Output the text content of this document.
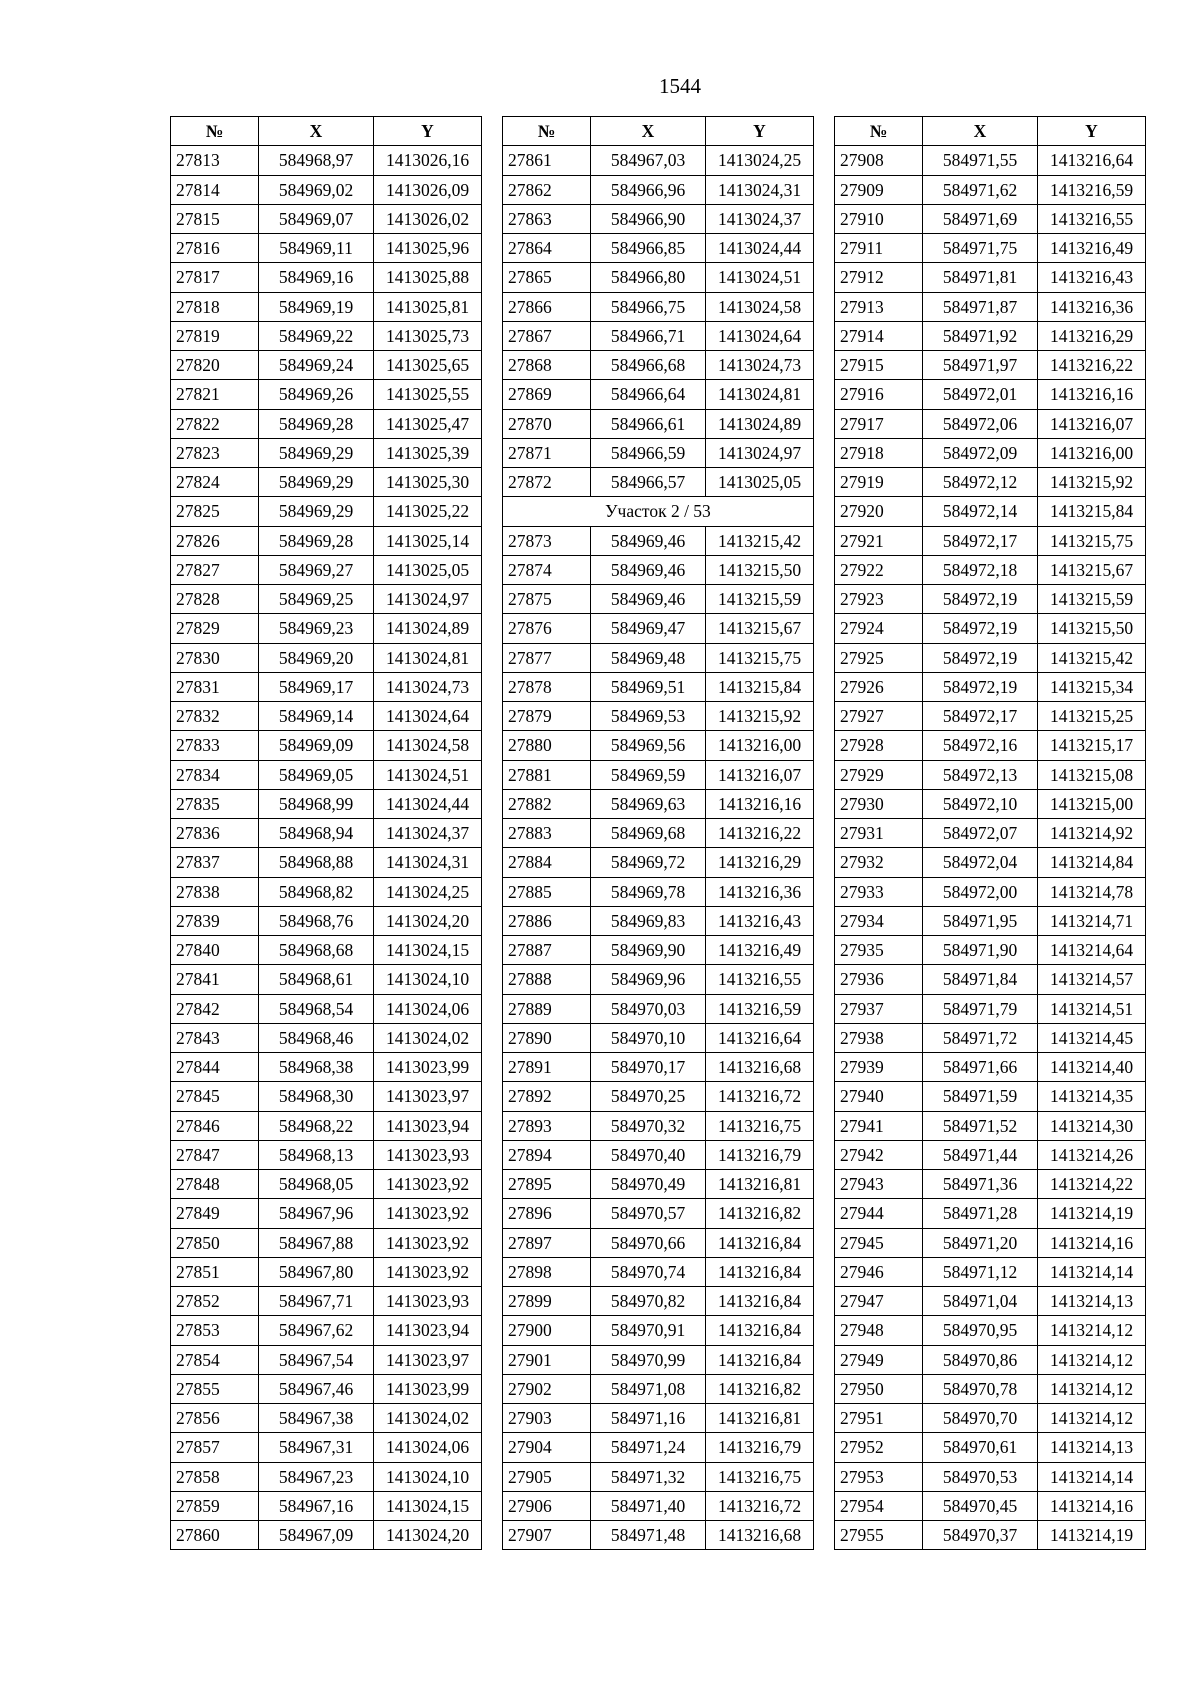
1544
№	X	Y
27813	584968,97	1413026,16
27814	584969,02	1413026,09
27815	584969,07	1413026,02
27816	584969,11	1413025,96
27817	584969,16	1413025,88
27818	584969,19	1413025,81
27819	584969,22	1413025,73
27820	584969,24	1413025,65
27821	584969,26	1413025,55
27822	584969,28	1413025,47
27823	584969,29	1413025,39
27824	584969,29	1413025,30
27825	584969,29	1413025,22
27826	584969,28	1413025,14
27827	584969,27	1413025,05
27828	584969,25	1413024,97
27829	584969,23	1413024,89
27830	584969,20	1413024,81
27831	584969,17	1413024,73
27832	584969,14	1413024,64
27833	584969,09	1413024,58
27834	584969,05	1413024,51
27835	584968,99	1413024,44
27836	584968,94	1413024,37
27837	584968,88	1413024,31
27838	584968,82	1413024,25
27839	584968,76	1413024,20
27840	584968,68	1413024,15
27841	584968,61	1413024,10
27842	584968,54	1413024,06
27843	584968,46	1413024,02
27844	584968,38	1413023,99
27845	584968,30	1413023,97
27846	584968,22	1413023,94
27847	584968,13	1413023,93
27848	584968,05	1413023,92
27849	584967,96	1413023,92
27850	584967,88	1413023,92
27851	584967,80	1413023,92
27852	584967,71	1413023,93
27853	584967,62	1413023,94
27854	584967,54	1413023,97
27855	584967,46	1413023,99
27856	584967,38	1413024,02
27857	584967,31	1413024,06
27858	584967,23	1413024,10
27859	584967,16	1413024,15
27860	584967,09	1413024,20
№	X	Y
27861	584967,03	1413024,25
27862	584966,96	1413024,31
27863	584966,90	1413024,37
27864	584966,85	1413024,44
27865	584966,80	1413024,51
27866	584966,75	1413024,58
27867	584966,71	1413024,64
27868	584966,68	1413024,73
27869	584966,64	1413024,81
27870	584966,61	1413024,89
27871	584966,59	1413024,97
27872	584966,57	1413025,05
Участок 2 / 53		
27873	584969,46	1413215,42
27874	584969,46	1413215,50
27875	584969,46	1413215,59
27876	584969,47	1413215,67
27877	584969,48	1413215,75
27878	584969,51	1413215,84
27879	584969,53	1413215,92
27880	584969,56	1413216,00
27881	584969,59	1413216,07
27882	584969,63	1413216,16
27883	584969,68	1413216,22
27884	584969,72	1413216,29
27885	584969,78	1413216,36
27886	584969,83	1413216,43
27887	584969,90	1413216,49
27888	584969,96	1413216,55
27889	584970,03	1413216,59
27890	584970,10	1413216,64
27891	584970,17	1413216,68
27892	584970,25	1413216,72
27893	584970,32	1413216,75
27894	584970,40	1413216,79
27895	584970,49	1413216,81
27896	584970,57	1413216,82
27897	584970,66	1413216,84
27898	584970,74	1413216,84
27899	584970,82	1413216,84
27900	584970,91	1413216,84
27901	584970,99	1413216,84
27902	584971,08	1413216,82
27903	584971,16	1413216,81
27904	584971,24	1413216,79
27905	584971,32	1413216,75
27906	584971,40	1413216,72
27907	584971,48	1413216,68
№	X	Y
27908	584971,55	1413216,64
27909	584971,62	1413216,59
27910	584971,69	1413216,55
27911	584971,75	1413216,49
27912	584971,81	1413216,43
27913	584971,87	1413216,36
27914	584971,92	1413216,29
27915	584971,97	1413216,22
27916	584972,01	1413216,16
27917	584972,06	1413216,07
27918	584972,09	1413216,00
27919	584972,12	1413215,92
27920	584972,14	1413215,84
27921	584972,17	1413215,75
27922	584972,18	1413215,67
27923	584972,19	1413215,59
27924	584972,19	1413215,50
27925	584972,19	1413215,42
27926	584972,19	1413215,34
27927	584972,17	1413215,25
27928	584972,16	1413215,17
27929	584972,13	1413215,08
27930	584972,10	1413215,00
27931	584972,07	1413214,92
27932	584972,04	1413214,84
27933	584972,00	1413214,78
27934	584971,95	1413214,71
27935	584971,90	1413214,64
27936	584971,84	1413214,57
27937	584971,79	1413214,51
27938	584971,72	1413214,45
27939	584971,66	1413214,40
27940	584971,59	1413214,35
27941	584971,52	1413214,30
27942	584971,44	1413214,26
27943	584971,36	1413214,22
27944	584971,28	1413214,19
27945	584971,20	1413214,16
27946	584971,12	1413214,14
27947	584971,04	1413214,13
27948	584970,95	1413214,12
27949	584970,86	1413214,12
27950	584970,78	1413214,12
27951	584970,70	1413214,12
27952	584970,61	1413214,13
27953	584970,53	1413214,14
27954	584970,45	1413214,16
27955	584970,37	1413214,19
